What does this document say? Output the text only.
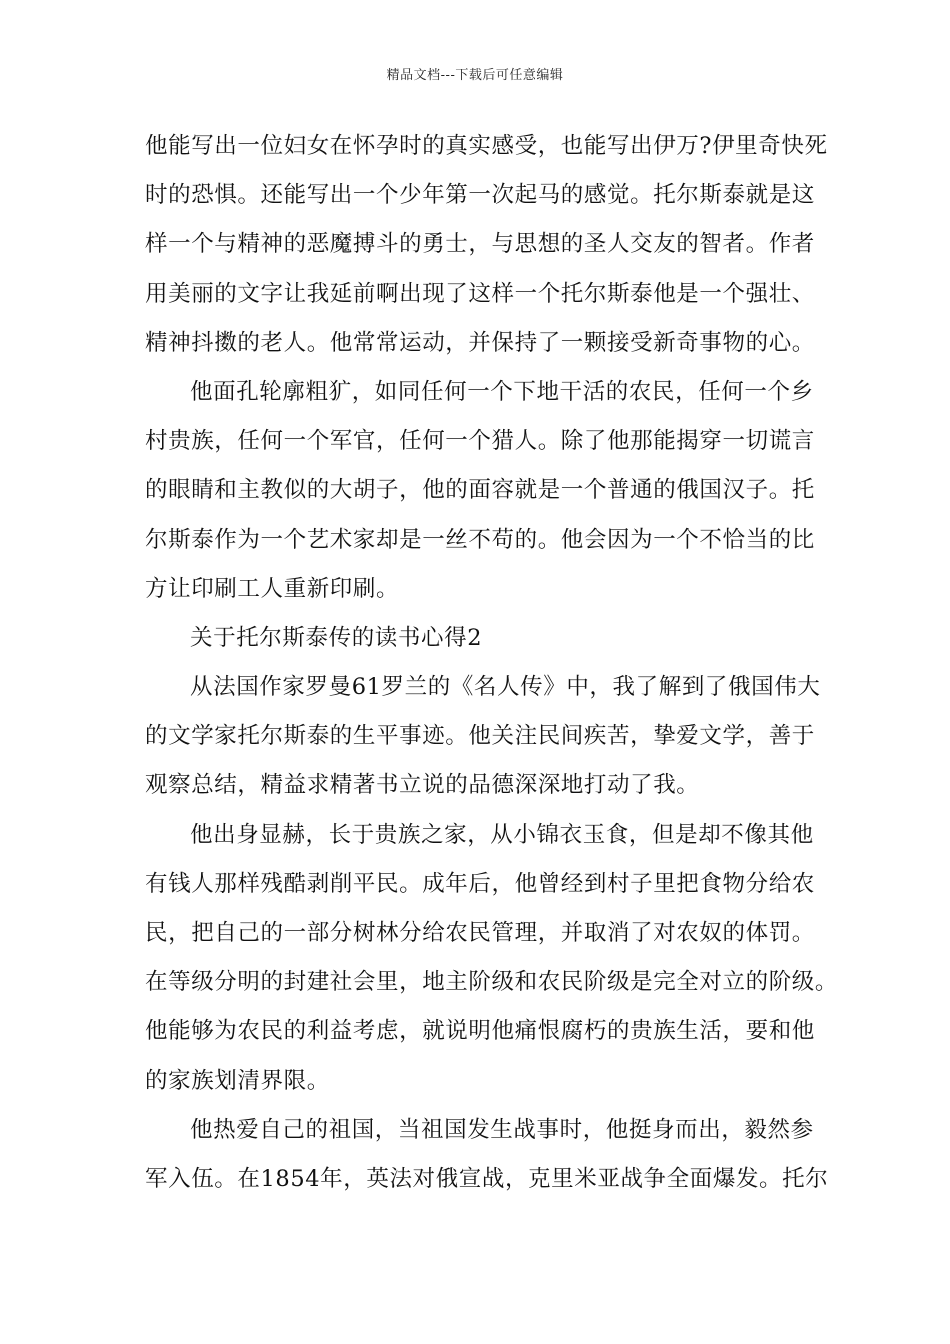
精品文档---下载后可任意编辑
他能写出一位妇女在怀孕时的真实感受，也能写出伊万?伊里奇快死
时的恐惧。还能写出一个少年第一次起马的感觉。托尔斯泰就是这
样一个与精神的恶魔搏斗的勇士，与思想的圣人交友的智者。作者
用美丽的文字让我延前啊出现了这样一个托尔斯泰他是一个强壮、
精神抖擞的老人。他常常运动，并保持了一颗接受新奇事物的心。
他面孔轮廓粗犷，如同任何一个下地干活的农民，任何一个乡
村贵族，任何一个军官，任何一个猎人。除了他那能揭穿一切谎言
的眼睛和主教似的大胡子，他的面容就是一个普通的俄国汉子。托
尔斯泰作为一个艺术家却是一丝不苟的。他会因为一个不恰当的比
方让印刷工人重新印刷。
关于托尔斯泰传的读书心得2
从法国作家罗曼61罗兰的《名人传》中，我了解到了俄国伟大
的文学家托尔斯泰的生平事迹。他关注民间疾苦，挚爱文学，善于
观察总结，精益求精著书立说的品德深深地打动了我。
他出身显赫，长于贵族之家，从小锦衣玉食，但是却不像其他
有钱人那样残酷剥削平民。成年后，他曾经到村子里把食物分给农
民，把自己的一部分树林分给农民管理，并取消了对农奴的体罚。
在等级分明的封建社会里，地主阶级和农民阶级是完全对立的阶级。
他能够为农民的利益考虑，就说明他痛恨腐朽的贵族生活，要和他
的家族划清界限。
他热爱自己的祖国，当祖国发生战事时，他挺身而出，毅然参
军入伍。在1854年，英法对俄宣战，克里米亚战争全面爆发。托尔
